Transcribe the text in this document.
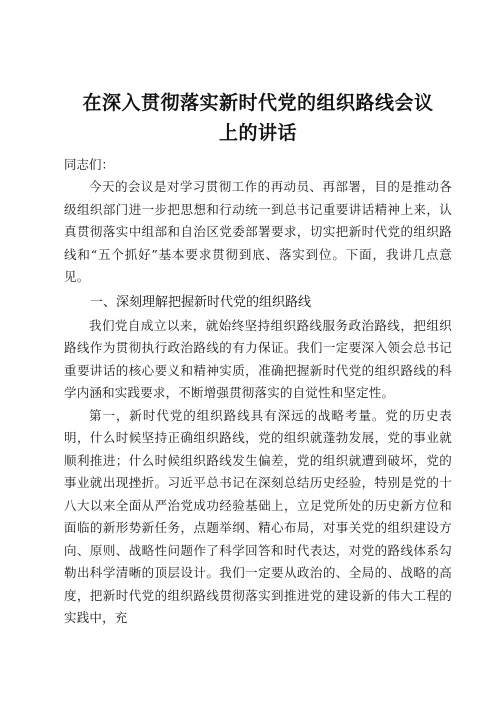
在深入贯彻落实新时代党的组织路线会议上的讲话

同志们：

今天的会议是对学习贯彻工作的再动员、再部署，目的是推动各级组织部门进一步把思想和行动统一到总书记重要讲话精神上来，认真贯彻落实中组部和自治区党委部署要求，切实把新时代党的组织路线和“五个抓好”基本要求贯彻到底、落实到位。下面，我讲几点意见。

一、深刻理解把握新时代党的组织路线

我们党自成立以来，就始终坚持组织路线服务政治路线，把组织路线作为贯彻执行政治路线的有力保证。我们一定要深入领会总书记重要讲话的核心要义和精神实质，准确把握新时代党的组织路线的科学内涵和实践要求，不断增强贯彻落实的自觉性和坚定性。

第一，新时代党的组织路线具有深远的战略考量。党的历史表明，什么时候坚持正确组织路线，党的组织就蓬勃发展，党的事业就顺利推进；什么时候组织路线发生偏差，党的组织就遭到破坏，党的事业就出现挫折。习近平总书记在深刻总结历史经验，特别是党的十八大以来全面从严治党成功经验基础上，立足党所处的历史新方位和面临的新形势新任务，点题举纲、精心布局，对事关党的组织建设方向、原则、战略性问题作了科学回答和时代表达，对党的路线体系勾勒出科学清晰的顶层设计。我们一定要从政治的、全局的、战略的高度，把新时代党的组织路线贯彻落实到推进党的建设新的伟大工程的实践中，充
